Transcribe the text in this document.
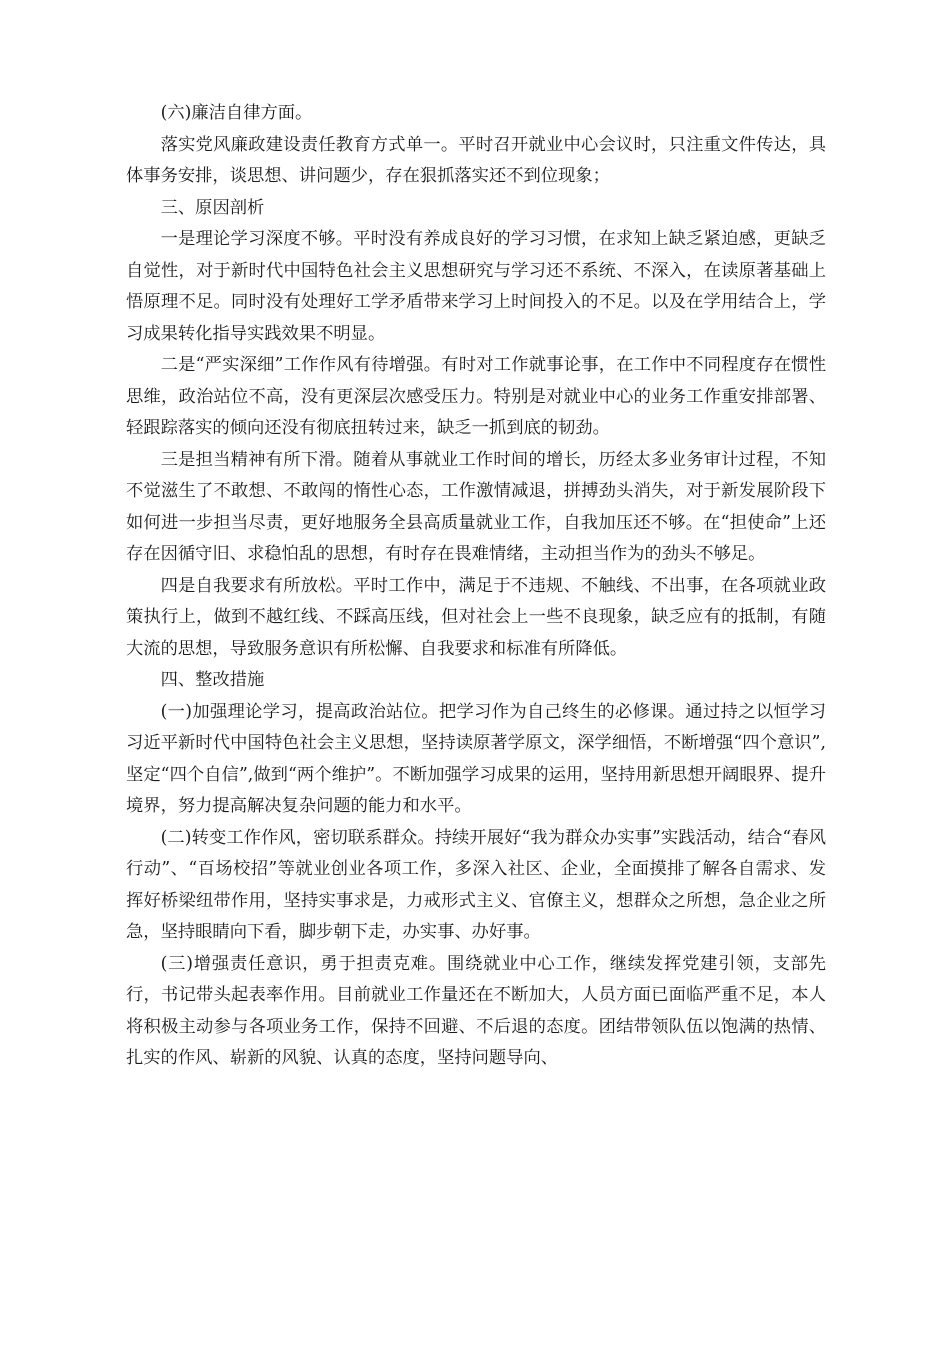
(六)廉洁自律方面。

落实党风廉政建设责任教育方式单一。平时召开就业中心会议时，只注重文件传达，具体事务安排，谈思想、讲问题少，存在狠抓落实还不到位现象；

三、原因剖析

一是理论学习深度不够。平时没有养成良好的学习习惯，在求知上缺乏紧迫感，更缺乏自觉性，对于新时代中国特色社会主义思想研究与学习还不系统、不深入，在读原著基础上悟原理不足。同时没有处理好工学矛盾带来学习上时间投入的不足。以及在学用结合上，学习成果转化指导实践效果不明显。

二是“严实深细”工作作风有待增强。有时对工作就事论事，在工作中不同程度存在惯性思维，政治站位不高，没有更深层次感受压力。特别是对就业中心的业务工作重安排部署、轻跟踪落实的倾向还没有彻底扭转过来，缺乏一抓到底的韧劲。

三是担当精神有所下滑。随着从事就业工作时间的增长，历经太多业务审计过程，不知不觉滋生了不敢想、不敢闯的惰性心态，工作激情减退，拼搏劲头消失，对于新发展阶段下如何进一步担当尽责，更好地服务全县高质量就业工作，自我加压还不够。在“担使命”上还存在因循守旧、求稳怕乱的思想，有时存在畏难情绪，主动担当作为的劲头不够足。

四是自我要求有所放松。平时工作中，满足于不违规、不触线、不出事，在各项就业政策执行上，做到不越红线、不踩高压线，但对社会上一些不良现象，缺乏应有的抵制，有随大流的思想，导致服务意识有所松懈、自我要求和标准有所降低。

四、整改措施

(一)加强理论学习，提高政治站位。把学习作为自己终生的必修课。通过持之以恒学习习近平新时代中国特色社会主义思想，坚持读原著学原文，深学细悟，不断增强“四个意识”,坚定“四个自信”,做到“两个维护”。不断加强学习成果的运用，坚持用新思想开阔眼界、提升境界，努力提高解决复杂问题的能力和水平。

(二)转变工作作风，密切联系群众。持续开展好“我为群众办实事”实践活动，结合“春风行动”、“百场校招”等就业创业各项工作，多深入社区、企业，全面摸排了解各自需求、发挥好桥梁纽带作用，坚持实事求是，力戒形式主义、官僚主义，想群众之所想，急企业之所急，坚持眼睛向下看，脚步朝下走，办实事、办好事。

(三)增强责任意识，勇于担责克难。围绕就业中心工作，继续发挥党建引领，支部先行，书记带头起表率作用。目前就业工作量还在不断加大，人员方面已面临严重不足，本人将积极主动参与各项业务工作，保持不回避、不后退的态度。团结带领队伍以饱满的热情、扎实的作风、崭新的风貌、认真的态度，坚持问题导向、
